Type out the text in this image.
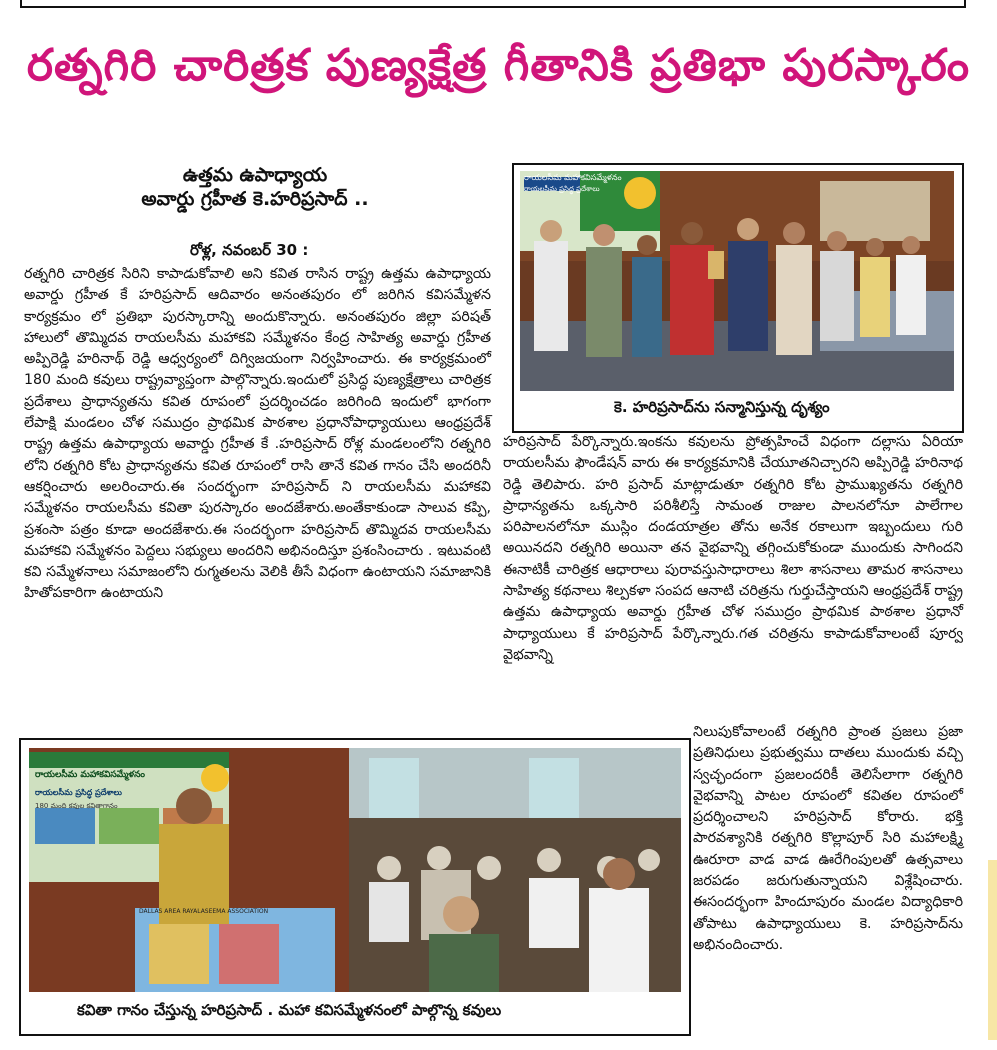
రత్నగిరి చారిత్రక పుణ్యక్షేత్ర గీతానికి ప్రతిభా పురస్కారం
ఉత్తమ ఉపాధ్యాయ
అవార్డు గ్రహీత కె.హరిప్రసాద్ ..
రోళ్ల, నవంబర్ 30 :
రత్నగిరి చారిత్రక సిరిని కాపాడుకోవాలి అని కవిత రాసిన రాష్ట్ర ఉత్తమ ఉపాధ్యాయ అవార్డు గ్రహీత కే హరిప్రసాద్ ఆదివారం అనంతపురం లో జరిగిన కవిసమ్మేళన కార్యక్రమం లో ప్రతిభా పురస్కారాన్ని అందుకొన్నారు. అనంతపురం జిల్లా పరిషత్ హాలులో తొమ్మిదవ రాయలసీమ మహాకవి సమ్మేళనం కేంద్ర సాహిత్య అవార్డు గ్రహీత అప్పిరెడ్డి హరినాథ్ రెడ్డి ఆధ్వర్యంలో దిగ్విజయంగా నిర్వహించారు. ఈ కార్యక్రమంలో 180 మంది కవులు రాష్ట్రవ్యాప్తంగా పాల్గొన్నారు.ఇందులో ప్రసిద్ధ పుణ్యక్షేత్రాలు చారిత్రక ప్రదేశాలు ప్రాధాన్యతను కవిత రూపంలో ప్రదర్శించడం జరిగింది ఇందులో భాగంగా లేపాక్షి మండలం చోళ సముద్రం ప్రాథమిక పాఠశాల ప్రధానోపాధ్యాయులు ఆంధ్రప్రదేశ్ రాష్ట్ర ఉత్తమ ఉపాధ్యాయ అవార్డు గ్రహీత కే .హరిప్రసాద్ రోళ్ల మండలంలోని రత్నగిరి లోని రత్నగిరి కోట ప్రాధాన్యతను కవిత రూపంలో రాసి తానే కవిత గానం చేసి అందరినీ ఆకర్షించారు అలరించారు.ఈ సందర్భంగా హరిప్రసాద్ ని రాయలసీమ మహాకవి సమ్మేళనం రాయలసీమ కవితా పురస్కారం అందజేశారు.అంతేకాకుండా సాలువ కప్పి, ప్రశంసా పత్రం కూడా అందజేశారు.ఈ సందర్భంగా హరిప్రసాద్ తొమ్మిదవ రాయలసీమ మహాకవి సమ్మేళనం పెద్దలు సభ్యులు అందరిని అభినందిస్తూ ప్రశంసించారు . ఇటువంటి కవి సమ్మేళనాలు సమాజంలోని రుగ్మతలను వెలికి తీసే విధంగా ఉంటాయని సమాజానికి హితోపకారిగా ఉంటాయని
రాయలసీమ మహాకవిసమ్మేళనం
రాయలసీమ ప్రసిద్ధ ప్రదేశాలు
కె. హరిప్రసాద్‌ను సన్మానిస్తున్న దృశ్యం
హరిప్రసాద్ పేర్కొన్నారు.ఇంకను కవులను ప్రోత్సహించే విధంగా దల్లాసు ఏరియా రాయలసీమ ఫౌండేషన్ వారు ఈ కార్యక్రమానికి చేయూతనిచ్చారని అప్పిరెడ్డి హరినాథ రెడ్డి తెలిపారు. హరి ప్రసాద్ మాట్లాడుతూ రత్నగిరి కోట ప్రాముఖ్యతను రత్నగిరి ప్రాధాన్యతను ఒక్కసారి పరిశీలిస్తే సామంత రాజుల పాలనలోనూ పాలేగాల పరిపాలనలోనూ ముస్లిం దండయాత్రల తోను అనేక రకాలుగా ఇబ్బందులు గురి అయినదని రత్నగిరి అయినా తన వైభవాన్ని తగ్గించుకోకుండా ముందుకు సాగిందని ఈనాటికీ చారిత్రక ఆధారాలు పురావస్తుసాధారాలు శిలా శాసనాలు తామర శాసనాలు సాహిత్య కథనాలు శిల్పకళా సంపద ఆనాటి చరిత్రను గుర్తుచేస్తాయని ఆంధ్రప్రదేశ్ రాష్ట్ర ఉత్తమ ఉపాధ్యాయ అవార్డు గ్రహీత చోళ సముద్రం ప్రాథమిక పాఠశాల ప్రధానో పాధ్యాయులు కే హరిప్రసాద్ పేర్కొన్నారు.గత చరిత్రను కాపాడుకోవాలంటే పూర్వ వైభవాన్ని
రాయలసీమ మహాకవిసమ్మేళనం
రాయలసీమ ప్రసిద్ధ ప్రదేశాలు
180 మంది కవుల కవితాగానం
DALLAS AREA RAYALASEEMA ASSOCIATION
కవితా గానం చేస్తున్న హరిప్రసాద్ . మహా కవిసమ్మేళనంలో పాల్గొన్న కవులు
నిలుపుకోవాలంటే రత్నగిరి ప్రాంత ప్రజలు ప్రజా ప్రతినిధులు ప్రభుత్వము దాతలు ముందుకు వచ్చి స్వచ్ఛందంగా ప్రజలందరికీ తెలిసేలాగా రత్నగిరి వైభవాన్ని పాటల రూపంలో కవితల రూపంలో ప్రదర్శించాలని హరిప్రసాద్ కోరారు. భక్తి పారవశ్యానికి రత్నగిరి కొల్లాపూర్ సిరి మహాలక్ష్మి ఊరూరా వాడ వాడ ఊరేగింపులతో ఉత్సవాలు జరపడం జరుగుతున్నాయని విశ్లేషించారు. ఈసందర్భంగా హిందూపురం మండల విద్యాధికారి తోపాటు ఉపాధ్యాయులు కె. హరిప్రసాద్‌ను అభినందించారు.
